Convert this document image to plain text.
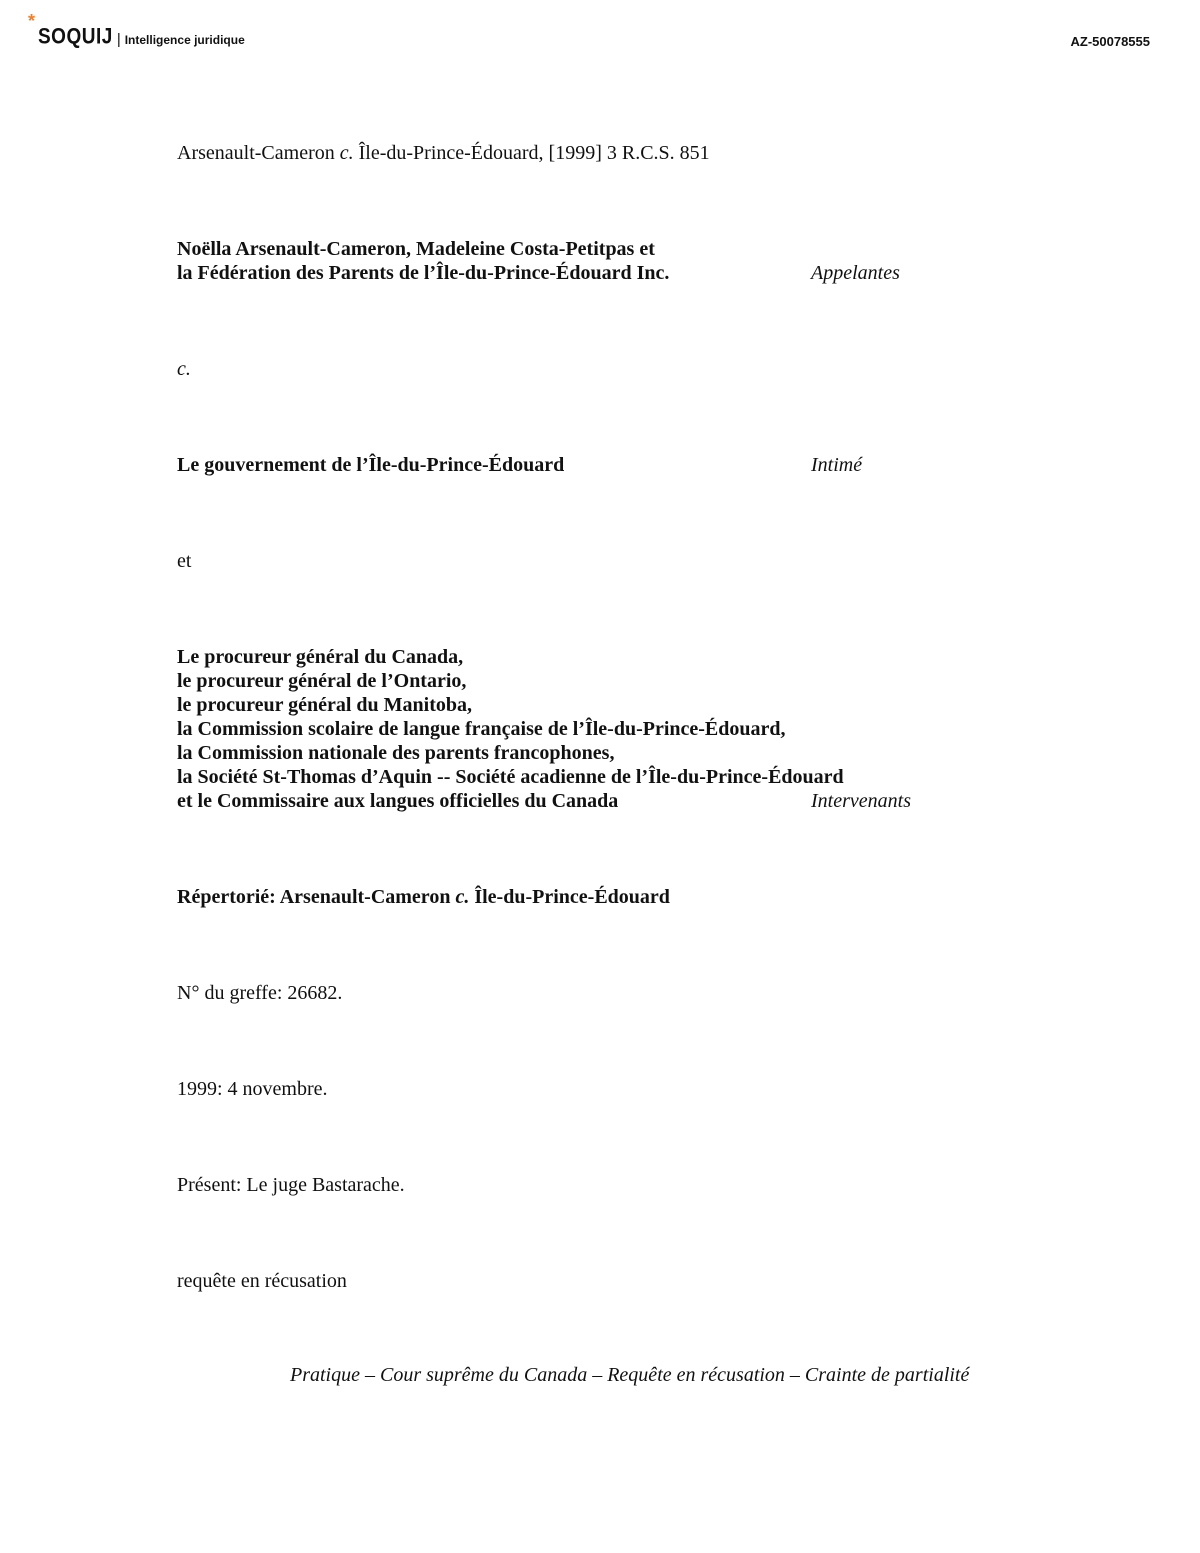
*
SOQUIJ | Intelligence juridique	AZ-50078555
Arsenault-Cameron c. Île-du-Prince-Édouard, [1999] 3 R.C.S. 851
Noëlla Arsenault-Cameron, Madeleine Costa-Petitpas et
la Fédération des Parents de l’Île-du-Prince-Édouard Inc.	Appelantes
c.
Le gouvernement de l’Île-du-Prince-Édouard	Intimé
et
Le procureur général du Canada,
le procureur général de l’Ontario,
le procureur général du Manitoba,
la Commission scolaire de langue française de l’Île-du-Prince-Édouard,
la Commission nationale des parents francophones,
la Société St-Thomas d’Aquin -- Société acadienne de l’Île-du-Prince-Édouard
et le Commissaire aux langues officielles du Canada	Intervenants
Répertorié: Arsenault-Cameron c. Île-du-Prince-Édouard
N° du greffe: 26682.
1999: 4 novembre.
Présent: Le juge Bastarache.
requête en récusation
Pratique – Cour suprême du Canada – Requête en récusation – Crainte de partialité
